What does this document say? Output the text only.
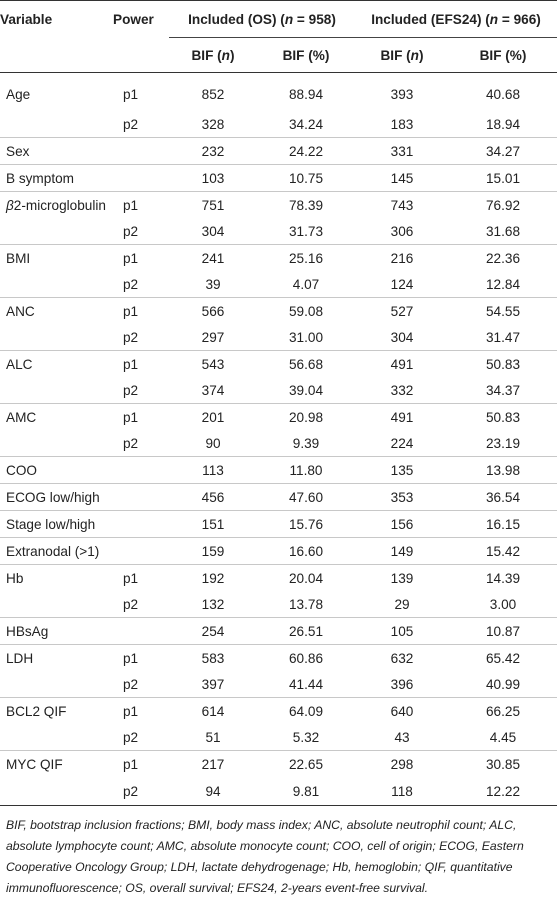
Variable	Power	Included (OS) (n = 958)		Included (EFS24) (n = 966)	
		BIF (n)	BIF (%)	BIF (n)	BIF (%)
Age	p1	852	88.94	393	40.68
	p2	328	34.24	183	18.94
Sex		232	24.22	331	34.27
B symptom		103	10.75	145	15.01
β2-microglobulin	p1	751	78.39	743	76.92
	p2	304	31.73	306	31.68
BMI	p1	241	25.16	216	22.36
	p2	39	4.07	124	12.84
ANC	p1	566	59.08	527	54.55
	p2	297	31.00	304	31.47
ALC	p1	543	56.68	491	50.83
	p2	374	39.04	332	34.37
AMC	p1	201	20.98	491	50.83
	p2	90	9.39	224	23.19
COO		113	11.80	135	13.98
ECOG low/high		456	47.60	353	36.54
Stage low/high		151	15.76	156	16.15
Extranodal (>1)		159	16.60	149	15.42
Hb	p1	192	20.04	139	14.39
	p2	132	13.78	29	3.00
HBsAg		254	26.51	105	10.87
LDH	p1	583	60.86	632	65.42
	p2	397	41.44	396	40.99
BCL2 QIF	p1	614	64.09	640	66.25
	p2	51	5.32	43	4.45
MYC QIF	p1	217	22.65	298	30.85
	p2	94	9.81	118	12.22
BIF, bootstrap inclusion fractions; BMI, body mass index; ANC, absolute neutrophil count; ALC, absolute lymphocyte count; AMC, absolute monocyte count; COO, cell of origin; ECOG, Eastern Cooperative Oncology Group; LDH, lactate dehydrogenage; Hb, hemoglobin; QIF, quantitative immunofluorescence; OS, overall survival; EFS24, 2-years event-free survival.
